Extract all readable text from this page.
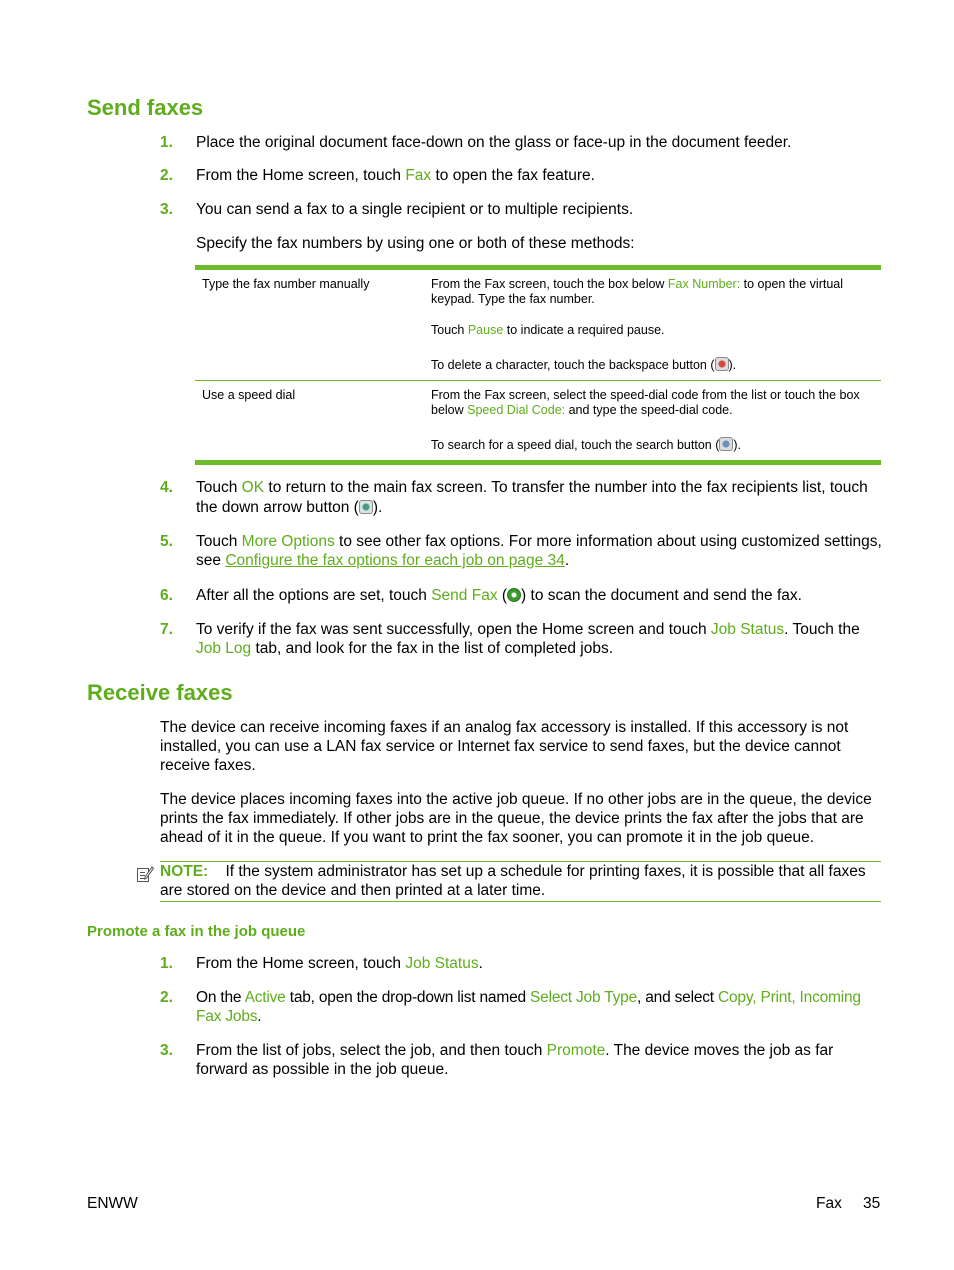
Send faxes
1.	Place the original document face-down on the glass or face-up in the document feeder.
2.	From the Home screen, touch Fax to open the fax feature.
3.	You can send a fax to a single recipient or to multiple recipients.
Specify the fax numbers by using one or both of these methods:
Type the fax number manually	From the Fax screen, touch the box below Fax Number: to open the virtual keypad. Type the fax number.
Touch Pause to indicate a required pause.
To delete a character, touch the backspace button ( ).
Use a speed dial	From the Fax screen, select the speed-dial code from the list or touch the box below Speed Dial Code: and type the speed-dial code.
To search for a speed dial, touch the search button ( ).
4.	Touch OK to return to the main fax screen. To transfer the number into the fax recipients list, touch the down arrow button ( ).
5.	Touch More Options to see other fax options. For more information about using customized settings, see Configure the fax options for each job on page 34.
6.	After all the options are set, touch Send Fax ( ) to scan the document and send the fax.
7.	To verify if the fax was sent successfully, open the Home screen and touch Job Status. Touch the Job Log tab, and look for the fax in the list of completed jobs.
Receive faxes
The device can receive incoming faxes if an analog fax accessory is installed. If this accessory is not installed, you can use a LAN fax service or Internet fax service to send faxes, but the device cannot receive faxes.
The device places incoming faxes into the active job queue. If no other jobs are in the queue, the device prints the fax immediately. If other jobs are in the queue, the device prints the fax after the jobs that are ahead of it in the queue. If you want to print the fax sooner, you can promote it in the job queue.
NOTE: If the system administrator has set up a schedule for printing faxes, it is possible that all faxes are stored on the device and then printed at a later time.
Promote a fax in the job queue
1.	From the Home screen, touch Job Status.
2.	On the Active tab, open the drop-down list named Select Job Type, and select Copy, Print, Incoming Fax Jobs.
3.	From the list of jobs, select the job, and then touch Promote. The device moves the job as far forward as possible in the job queue.
ENWW	Fax 35
